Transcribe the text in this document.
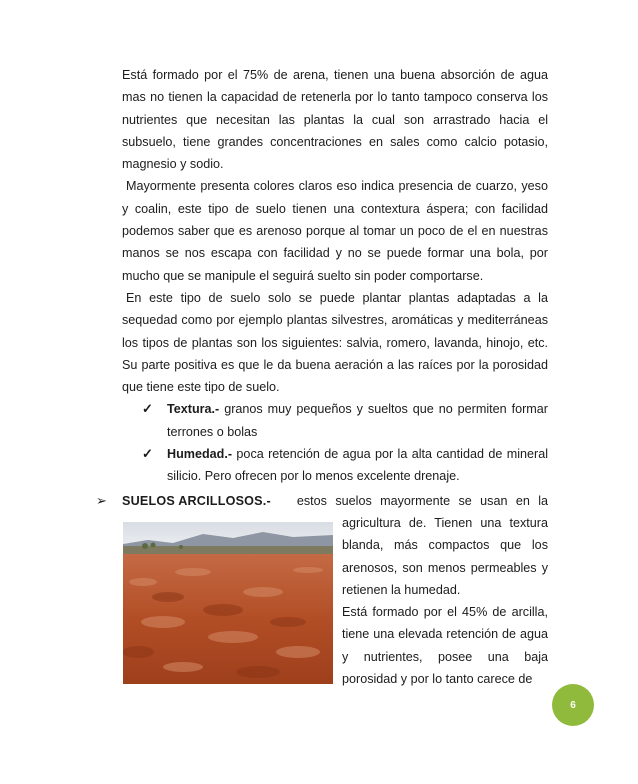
Está formado por el 75% de arena, tienen una buena absorción de agua mas no tienen la capacidad de retenerla por lo tanto tampoco conserva los nutrientes que necesitan las plantas la cual son arrastrado hacia el subsuelo, tiene grandes concentraciones en sales como calcio potasio, magnesio y sodio.

Mayormente presenta colores claros eso indica presencia de cuarzo, yeso y coalin, este tipo de suelo tienen una contextura áspera; con facilidad podemos saber que es arenoso porque al tomar un poco de el en nuestras manos se nos escapa con facilidad y no se puede formar una bola, por mucho que se manipule el seguirá suelto sin poder comportarse.

En este tipo de suelo solo se puede plantar plantas adaptadas a la sequedad como por ejemplo plantas silvestres, aromáticas y mediterráneas los tipos de plantas son los siguientes: salvia, romero, lavanda, hinojo, etc. Su parte positiva es que le da buena aeración a las raíces por la porosidad que tiene este tipo de suelo.

✓ Textura.- granos muy pequeños y sueltos que no permiten formar terrones o bolas
✓ Humedad.- poca retención de agua por la alta cantidad de mineral silicio. Pero ofrecen por lo menos excelente drenaje.
➢	SUELOS ARCILLOSOS.- estos suelos mayormente se usan en la

agricultura de. Tienen una textura blanda, más compactos que los arenosos, son menos permeables y retienen la humedad.

Está formado por el 45% de arcilla, tiene una elevada retención de agua y nutrientes, posee una baja porosidad y por lo tanto carece de

6
